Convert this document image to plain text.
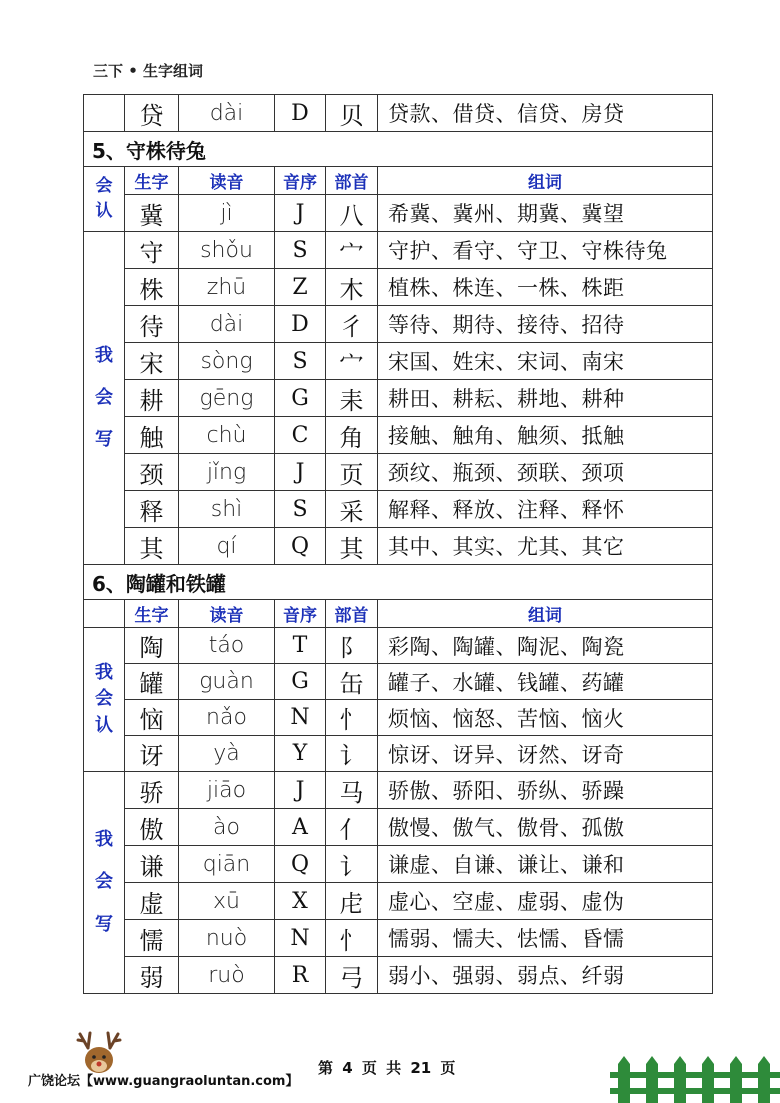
三下 • 生字组词
	贷	dài	D	贝	贷款、借贷、信贷、房贷
5、守株待兔					

会
认	生字	读音	音序	部首	组词
	冀	jì	J	八	希冀、冀州、期冀、冀望

我
会
写	守	shǒu	S	宀	守护、看守、守卫、守株待兔
	株	zhū	Z	木	植株、株连、一株、株距
	待	dài	D	彳	等待、期待、接待、招待
	宋	sòng	S	宀	宋国、姓宋、宋词、南宋
	耕	gēng	G	耒	耕田、耕耘、耕地、耕种
	触	chù	C	角	接触、触角、触须、抵触
	颈	jǐng	J	页	颈纹、瓶颈、颈联、颈项
	释	shì	S	采	解释、释放、注释、释怀
	其	qí	Q	其	其中、其实、尤其、其它
6、陶罐和铁罐					
	生字	读音	音序	部首	组词

我
会
认	陶	táo	T	阝	彩陶、陶罐、陶泥、陶瓷
	罐	guàn	G	缶	罐子、水罐、钱罐、药罐
	恼	nǎo	N	忄	烦恼、恼怒、苦恼、恼火
	讶	yà	Y	讠	惊讶、讶异、讶然、讶奇

我
会
写	骄	jiāo	J	马	骄傲、骄阳、骄纵、骄躁
	傲	ào	A	亻	傲慢、傲气、傲骨、孤傲
	谦	qiān	Q	讠	谦虚、自谦、谦让、谦和
	虚	xū	X	虍	虚心、空虚、虚弱、虚伪
	懦	nuò	N	忄	懦弱、懦夫、怯懦、昏懦
	弱	ruò	R	弓	弱小、强弱、弱点、纤弱
广饶论坛【www.guangraoluntan.com】
第 4 页 共 21 页
